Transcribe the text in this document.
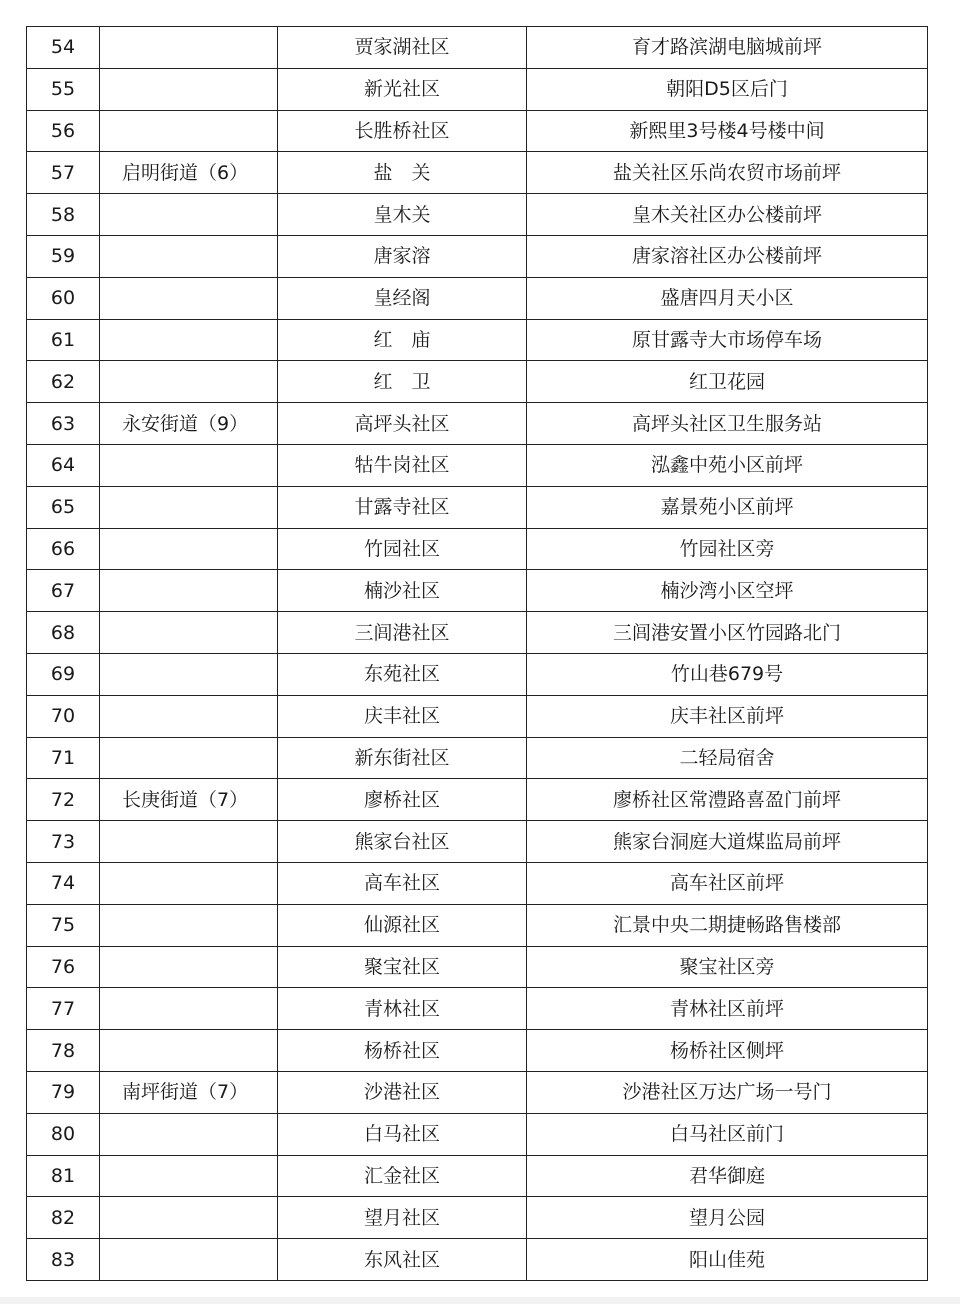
54		贾家湖社区	育才路滨湖电脑城前坪
55		新光社区	朝阳D5区后门
56		长胜桥社区	新熙里3号楼4号楼中间
57	启明街道（6）	盐　关	盐关社区乐尚农贸市场前坪
58		皇木关	皇木关社区办公楼前坪
59		唐家溶	唐家溶社区办公楼前坪
60		皇经阁	盛唐四月天小区
61		红　庙	原甘露寺大市场停车场
62		红　卫	红卫花园
63	永安街道（9）	高坪头社区	高坪头社区卫生服务站
64		牯牛岗社区	泓鑫中苑小区前坪
65		甘露寺社区	嘉景苑小区前坪
66		竹园社区	竹园社区旁
67		楠沙社区	楠沙湾小区空坪
68		三闾港社区	三闾港安置小区竹园路北门
69		东苑社区	竹山巷679号
70		庆丰社区	庆丰社区前坪
71		新东街社区	二轻局宿舍
72	长庚街道（7）	廖桥社区	廖桥社区常澧路喜盈门前坪
73		熊家台社区	熊家台洞庭大道煤监局前坪
74		高车社区	高车社区前坪
75		仙源社区	汇景中央二期捷畅路售楼部
76		聚宝社区	聚宝社区旁
77		青林社区	青林社区前坪
78		杨桥社区	杨桥社区侧坪
79	南坪街道（7）	沙港社区	沙港社区万达广场一号门
80		白马社区	白马社区前门
81		汇金社区	君华御庭
82		望月社区	望月公园
83		东风社区	阳山佳苑
